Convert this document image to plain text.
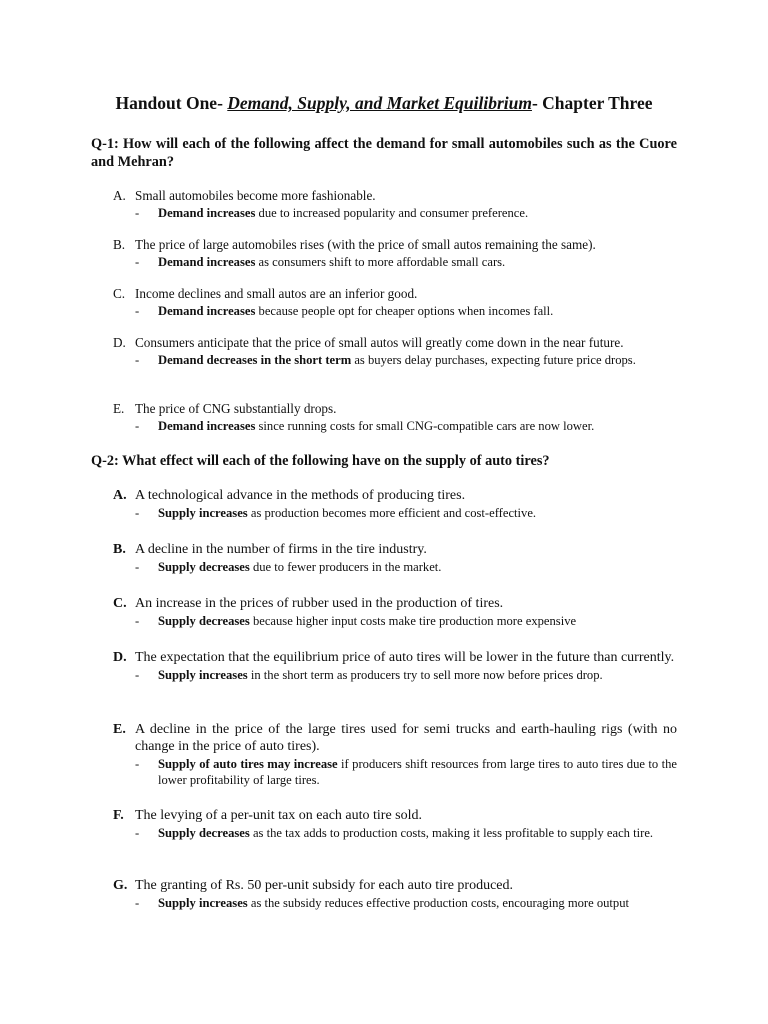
Handout One- Demand, Supply, and Market Equilibrium- Chapter Three
Q-1: How will each of the following affect the demand for small automobiles such as the Cuore and Mehran?
A. Small automobiles become more fashionable.
- Demand increases due to increased popularity and consumer preference.
B. The price of large automobiles rises (with the price of small autos remaining the same).
- Demand increases as consumers shift to more affordable small cars.
C. Income declines and small autos are an inferior good.
- Demand increases because people opt for cheaper options when incomes fall.
D. Consumers anticipate that the price of small autos will greatly come down in the near future.
- Demand decreases in the short term as buyers delay purchases, expecting future price drops.
E. The price of CNG substantially drops.
- Demand increases since running costs for small CNG-compatible cars are now lower.
Q-2: What effect will each of the following have on the supply of auto tires?
A. A technological advance in the methods of producing tires.
- Supply increases as production becomes more efficient and cost-effective.
B. A decline in the number of firms in the tire industry.
- Supply decreases due to fewer producers in the market.
C. An increase in the prices of rubber used in the production of tires.
- Supply decreases because higher input costs make tire production more expensive
D. The expectation that the equilibrium price of auto tires will be lower in the future than currently.
- Supply increases in the short term as producers try to sell more now before prices drop.
E. A decline in the price of the large tires used for semi trucks and earth-hauling rigs (with no change in the price of auto tires).
- Supply of auto tires may increase if producers shift resources from large tires to auto tires due to the lower profitability of large tires.
F. The levying of a per-unit tax on each auto tire sold.
- Supply decreases as the tax adds to production costs, making it less profitable to supply each tire.
G. The granting of Rs. 50 per-unit subsidy for each auto tire produced.
- Supply increases as the subsidy reduces effective production costs, encouraging more output
